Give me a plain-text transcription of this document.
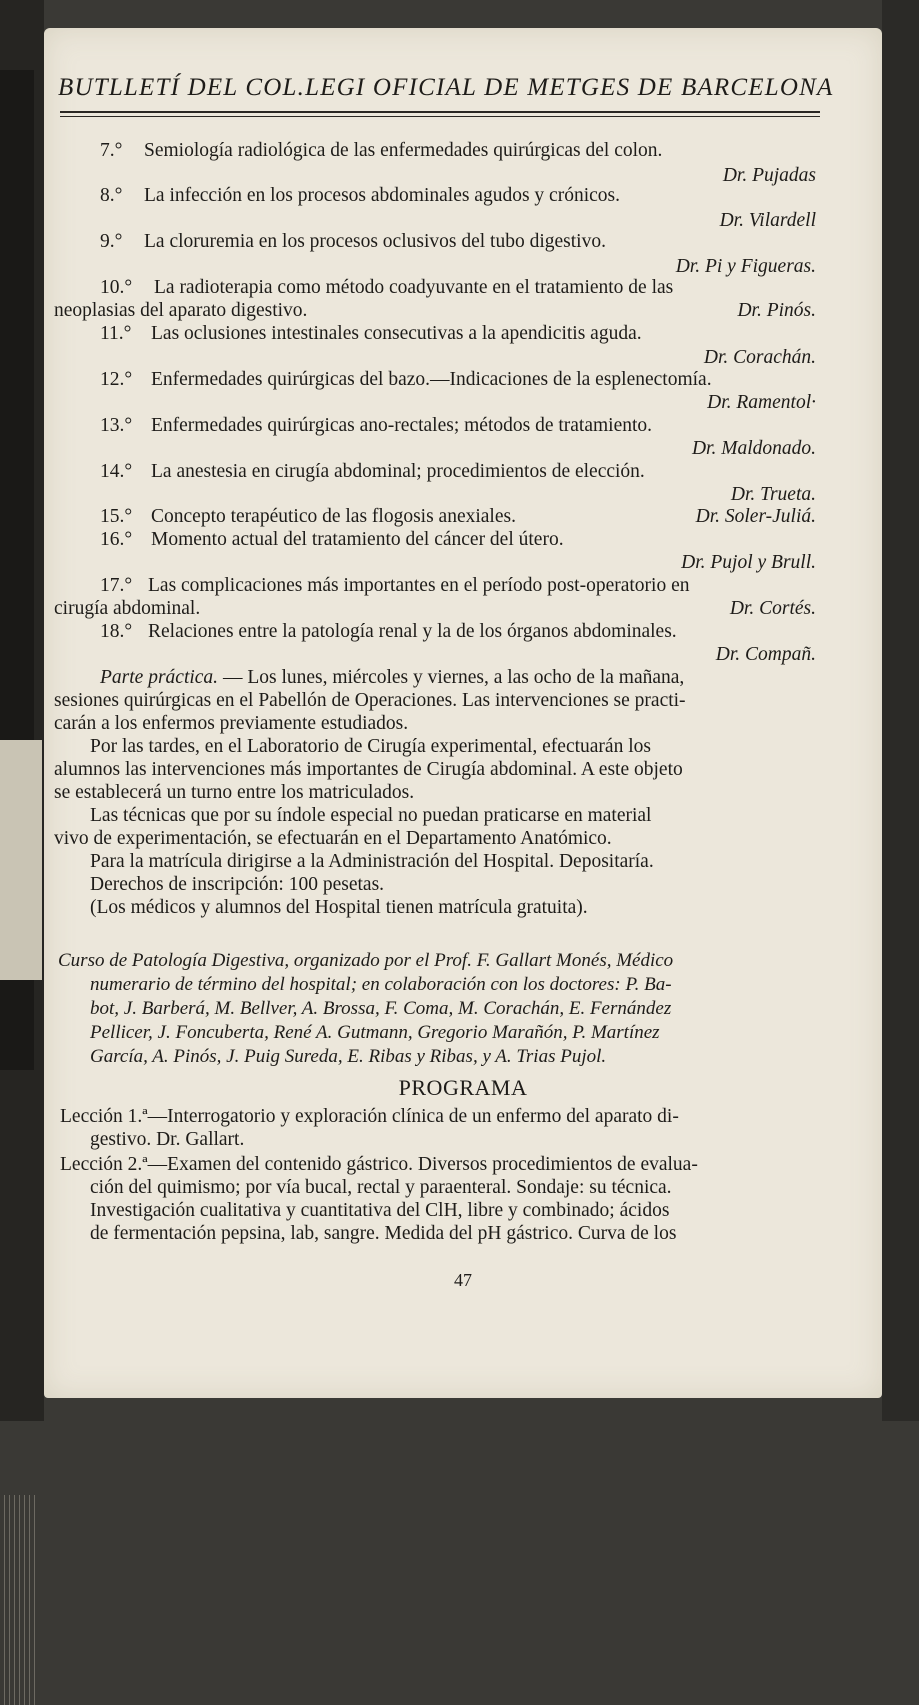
BUTLLETÍ DEL COL.LEGI OFICIAL DE METGES DE BARCELONA
7.° Semiología radiológica de las enfermedades quirúrgicas del colon.
Dr. Pujadas
8.° La infección en los procesos abdominales agudos y crónicos.
Dr. Vilardell
9.° La cloruremia en los procesos oclusivos del tubo digestivo.
Dr. Pi y Figueras.
10.° La radioterapia como método coadyuvante en el tratamiento de las
neoplasias del aparato digestivo.	Dr. Pinós.
11.° Las oclusiones intestinales consecutivas a la apendicitis aguda.
Dr. Corachán.
12.° Enfermedades quirúrgicas del bazo.—Indicaciones de la esplenectomía.
Dr. Ramentol·
13.° Enfermedades quirúrgicas ano-rectales; métodos de tratamiento.
Dr. Maldonado.
14.° La anestesia en cirugía abdominal; procedimientos de elección.
Dr. Trueta.
15.° Concepto terapéutico de las flogosis anexiales.	Dr. Soler-Juliá.
16.° Momento actual del tratamiento del cáncer del útero.
Dr. Pujol y Brull.
17.° Las complicaciones más importantes en el período post-operatorio en
cirugía abdominal.	Dr. Cortés.
18.° Relaciones entre la patología renal y la de los órganos abdominales.
Dr. Compañ.
Parte práctica. — Los lunes, miércoles y viernes, a las ocho de la mañana,
sesiones quirúrgicas en el Pabellón de Operaciones. Las intervenciones se practi-
carán a los enfermos previamente estudiados.
Por las tardes, en el Laboratorio de Cirugía experimental, efectuarán los
alumnos las intervenciones más importantes de Cirugía abdominal. A este objeto
se establecerá un turno entre los matriculados.
Las técnicas que por su índole especial no puedan praticarse en material
vivo de experimentación, se efectuarán en el Departamento Anatómico.
Para la matrícula dirigirse a la Administración del Hospital. Depositaría.
Derechos de inscripción: 100 pesetas.
(Los médicos y alumnos del Hospital tienen matrícula gratuita).
Curso de Patología Digestiva, organizado por el Prof. F. Gallart Monés, Médico
numerario de término del hospital; en colaboración con los doctores: P. Ba-
bot, J. Barberá, M. Bellver, A. Brossa, F. Coma, M. Corachán, E. Fernández
Pellicer, J. Foncuberta, René A. Gutmann, Gregorio Marañón, P. Martínez
García, A. Pinós, J. Puig Sureda, E. Ribas y Ribas, y A. Trias Pujol.
PROGRAMA
Lección 1.ª—Interrogatorio y exploración clínica de un enfermo del aparato di-
gestivo. Dr. Gallart.
Lección 2.ª—Examen del contenido gástrico. Diversos procedimientos de evalua-
ción del quimismo; por vía bucal, rectal y paraenteral. Sondaje: su técnica.
Investigación cualitativa y cuantitativa del ClH, libre y combinado; ácidos
de fermentación pepsina, lab, sangre. Medida del pH gástrico. Curva de los
47
